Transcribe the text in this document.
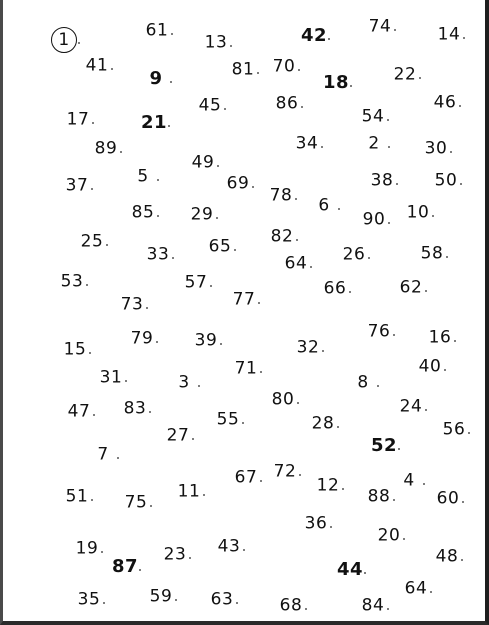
1	61
13	42 74	14
41
9	81 70
18	22
17	21
45	86
54
46
89	34	2	30
37	5
49
69
78 6
38 50
85 29	90 10
25
33 65 82
64 26	58
53	57
73	77
66	62
79 39	76 16
15	32
71	40
31	3	8
47 83	80	24
55	28	56
27	52
7
72
67	12	4
51	11	88	60
75
36
20
19	43
23
87	48
44
64
35	59 63	68	84
